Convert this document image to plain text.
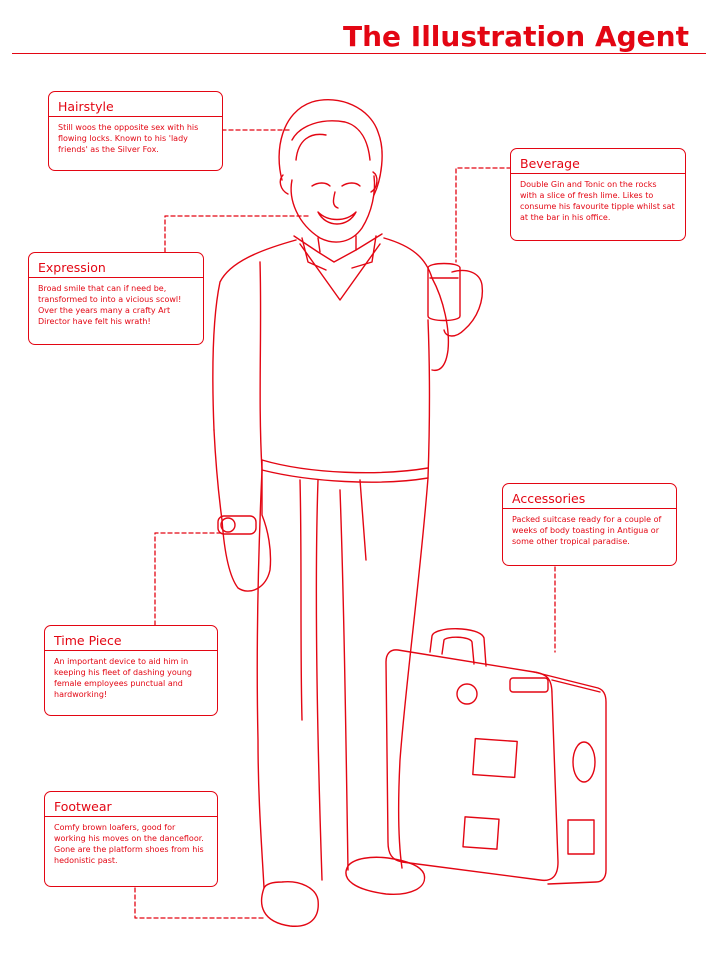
The Illustration Agent
Hairstyle
Still woos the opposite sex with his flowing locks. Known to his 'lady friends' as the Silver Fox.
Beverage
Double Gin and Tonic on the rocks with a slice of fresh lime. Likes to consume his favourite tipple whilst sat at the bar in his office.
Expression
Broad smile that can if need be, transformed to into a vicious scowl! Over the years many a crafty Art Director have felt his wrath!
Accessories
Packed suitcase ready for a couple of weeks of body toasting in Antigua or some other tropical paradise.
Time Piece
An important device to aid him in keeping his fleet of dashing young female employees punctual and hardworking!
Footwear
Comfy brown loafers, good for working his moves on the dancefloor. Gone are the platform shoes from his hedonistic past.
